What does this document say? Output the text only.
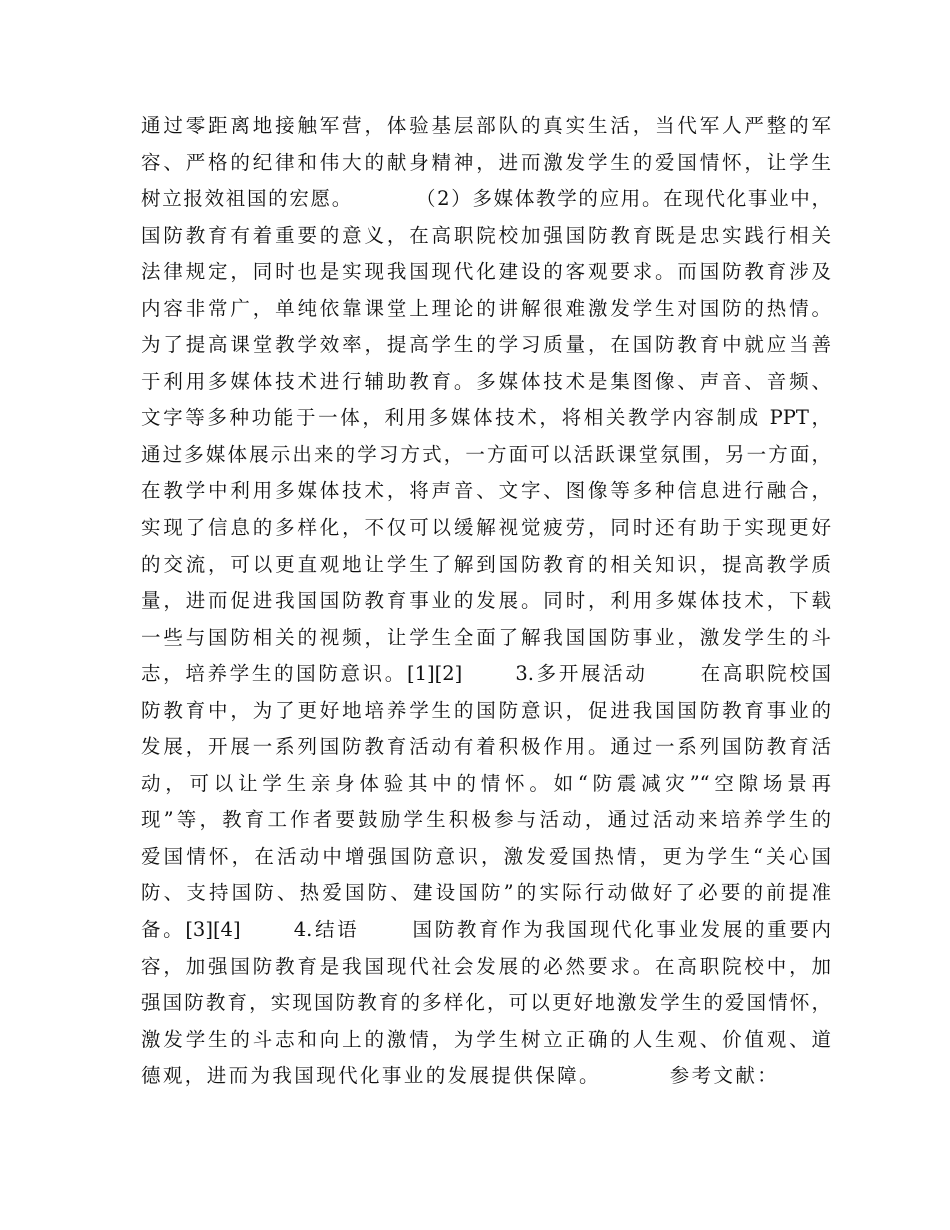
通过零距离地接触军营，体验基层部队的真实生活，当代军人严整的军
容、严格的纪律和伟大的献身精神，进而激发学生的爱国情怀，让学生
树立报效祖国的宏愿。        （2）多媒体教学的应用。在现代化事业中，
国防教育有着重要的意义，在高职院校加强国防教育既是忠实践行相关
法律规定，同时也是实现我国现代化建设的客观要求。而国防教育涉及
内容非常广，单纯依靠课堂上理论的讲解很难激发学生对国防的热情。
为了提高课堂教学效率，提高学生的学习质量，在国防教育中就应当善
于利用多媒体技术进行辅助教育。多媒体技术是集图像、声音、音频、
文字等多种功能于一体，利用多媒体技术，将相关教学内容制成 PPT，
通过多媒体展示出来的学习方式，一方面可以活跃课堂氛围，另一方面，
在教学中利用多媒体技术，将声音、文字、图像等多种信息进行融合，
实现了信息的多样化，不仅可以缓解视觉疲劳，同时还有助于实现更好
的交流，可以更直观地让学生了解到国防教育的相关知识，提高教学质
量，进而促进我国国防教育事业的发展。同时，利用多媒体技术，下载
一些与国防相关的视频，让学生全面了解我国国防事业，激发学生的斗
志，培养学生的国防意识。[1][2]      3.多开展活动      在高职院校国
防教育中，为了更好地培养学生的国防意识，促进我国国防教育事业的
发展，开展一系列国防教育活动有着积极作用。通过一系列国防教育活
动，可以让学生亲身体验其中的情怀。如“防震减灾”“空隙场景再
现”等，教育工作者要鼓励学生积极参与活动，通过活动来培养学生的
爱国情怀，在活动中增强国防意识，激发爱国热情，更为学生“关心国
防、支持国防、热爱国防、建设国防”的实际行动做好了必要的前提准
备。[3][4]      4.结语      国防教育作为我国现代化事业发展的重要内
容，加强国防教育是我国现代社会发展的必然要求。在高职院校中，加
强国防教育，实现国防教育的多样化，可以更好地激发学生的爱国情怀，
激发学生的斗志和向上的激情，为学生树立正确的人生观、价值观、道
德观，进而为我国现代化事业的发展提供保障。        参考文献：
